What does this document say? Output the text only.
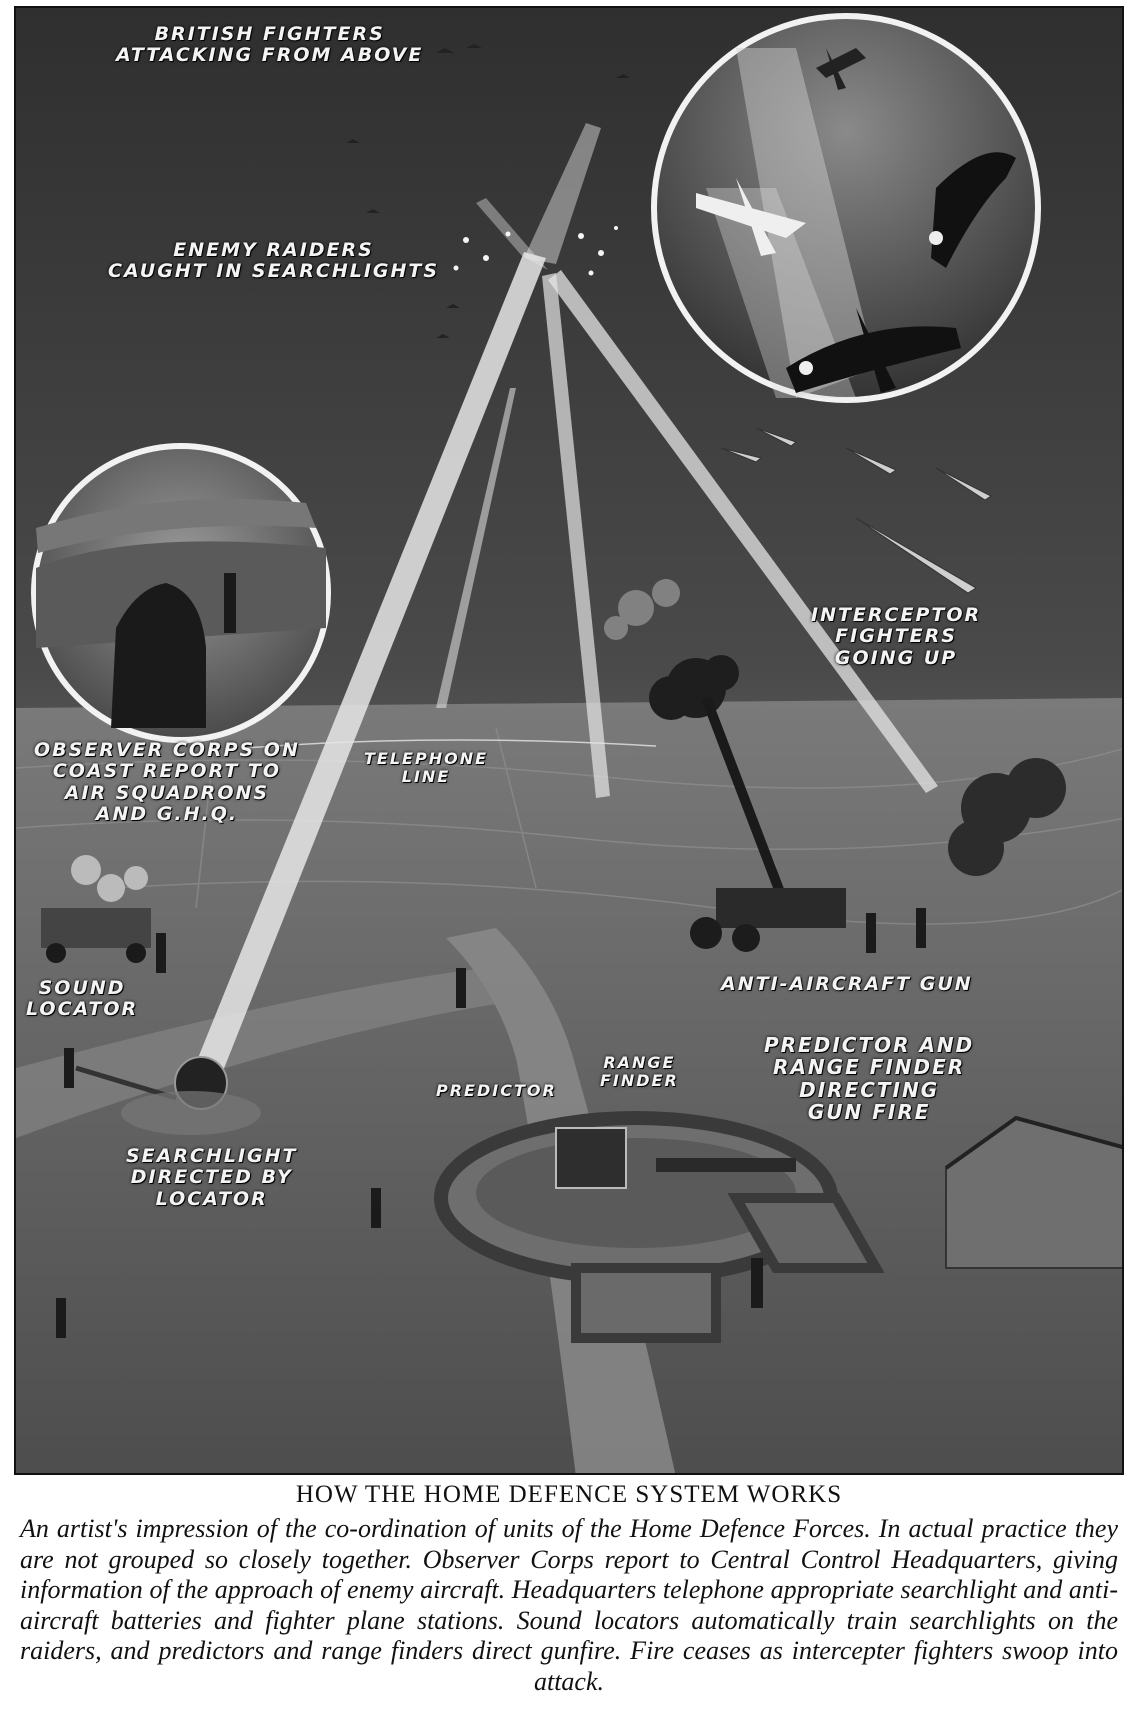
BRITISH FIGHTERS
ATTACKING FROM ABOVE
ENEMY RAIDERS
CAUGHT IN SEARCHLIGHTS
INTERCEPTOR
FIGHTERS
GOING UP
OBSERVER CORPS ON
COAST REPORT TO
AIR SQUADRONS
AND G.H.Q.
TELEPHONE
LINE
SOUND
LOCATOR
ANTI-AIRCRAFT GUN
PREDICTOR AND
RANGE FINDER
DIRECTING
GUN FIRE
RANGE
FINDER
PREDICTOR
SEARCHLIGHT
DIRECTED BY
LOCATOR

HOW THE HOME DEFENCE SYSTEM WORKS

An artist's impression of the co-ordination of units of the Home Defence Forces. In actual practice they are not grouped so closely together. Observer Corps report to Central Control Headquarters, giving information of the approach of enemy aircraft. Headquarters telephone appropriate searchlight and anti-aircraft batteries and fighter plane stations. Sound locators automatically train searchlights on the raiders, and predictors and range finders direct gunfire. Fire ceases as intercepter fighters swoop into attack.
